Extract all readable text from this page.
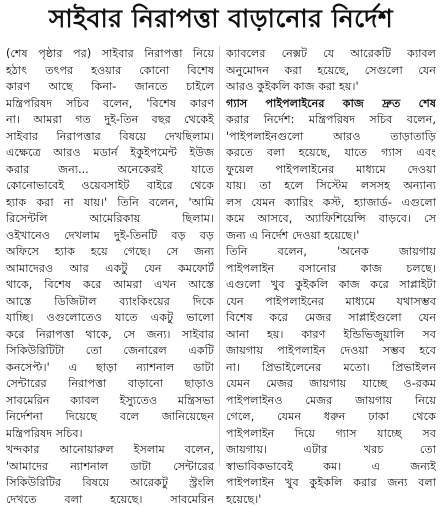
সাইবার নিরাপত্তা বাড়ানোর নির্দেশ
(শেষ পৃষ্ঠার পর) সাইবার নিরাপত্তা নিয়ে
হঠাৎ তৎপর হওয়ার কোনো বিশেষ
কারণ আছে কিনা- জানতে চাইলে
মন্ত্রিপরিষদ সচিব বলেন, 'বিশেষ কারণ
না। আমরা গত দুই-তিন বছর থেকেই
সাইবার নিরাপত্তার বিষয়ে দেখছিলাম।
এক্ষেত্রে আরও মডার্ন ইকুইপমেন্ট ইউজ
করার জন্য... অনেকেরই যাতে
কোনোভাবেই ওয়েবসাইট বাইরে থেকে
হ্যাক করা না যায়।' তিনি বলেন, 'আমি
রিসেন্টলি আমেরিকায় ছিলাম।
ওইখানেও দেখলাম দুই-তিনটি বড় বড়
অফিসে হ্যাক হয়ে গেছে। সে জন্য
আমাদেরও আর একটু যেন কমফোর্ট
থাকে, বিশেষ করে আমরা এখন আস্তে
আস্তে ডিজিটাল ব্যাংকিংয়ের দিকে
যাচ্ছি। ওগুলোতেও যাতে একটু ভালো
করে নিরাপত্তা থাকে, সে জন্য। সাইবার
সিকিউরিটিটা তো জেনারেল একটি
কনসেপ্ট।' এ ছাড়া ন্যাশনাল ডাটা
সেন্টারের নিরাপত্তা বাড়ানো ছাড়াও
সাবমেরিন ক্যাবল ইস্যুতেও মন্ত্রিসভা
নির্দেশনা দিয়েছে বলে জানিয়েছেন
মন্ত্রিপরিষদ সচিব।
খন্দকার আনোয়ারুল ইসলাম বলেন,
'আমাদের ন্যাশনাল ডাটা সেন্টারের
সিকিউরিটির বিষয়ে আরেকটু স্ট্রংলি
দেখতে বলা হয়েছে। সাবমেরিন
ক্যাবলের নেক্সট যে আরেকটি ক্যাবল
অনুমোদন করা হয়েছে, সেগুলো যেন
আরও কুইকলি কাজ করা হয়।'
গ্যাস পাইপলাইনের কাজ দ্রুত শেষ
করার নির্দেশ: মন্ত্রিপরিষদ সচিব বলেন,
'পাইপলাইনগুলো আরও তাড়াতাড়ি
করতে বলা হয়েছে, যাতে গ্যাস এবং
ফুয়েল পাইপলাইনের মাধ্যমে দেওয়া
যায়। তা হলে সিস্টেম লসসহ অন্যান্য
লস যেমন ক্যারিং কস্ট, হ্যাজার্ড- এগুলো
কমে আসবে, অ্যাফিশিয়েন্সি বাড়বে। সে
জন্য এ নির্দেশ দেওয়া হয়েছে।'
তিনি বলেন, 'অনেক জায়গায়
পাইপলাইন বসানোর কাজ চলছে।
এগুলো খুব কুইকলি কাজ করে সাপ্লাইটা
যেন পাইপলাইনের মাধ্যমে যথাসম্ভব
বিশেষ করে মেজর সাপ্লাইগুলো যেন
আনা হয়। কারণ ইন্ডিভিজুয়ালি সব
জায়গায় পাইপলাইন দেওয়া সম্ভব হবে
না। প্রিভাইলেনের মতো। প্রিভাইলন
যেমন মেজর জায়গায় যাচ্ছে ও-রকম
পাইপলাইনও মেজর জায়গায় নিয়ে
গেলে, যেমন ধরুন ঢাকা থেকে
পাইপলাইন দিয়ে গ্যাস যাচ্ছে সব
জায়গায়। এটার খরচ তো
স্বাভাবিকভাবেই কম। এ জন্যই
পাইপলাইন খুব কুইকলি করার জন্য বলা
হয়েছে।'
